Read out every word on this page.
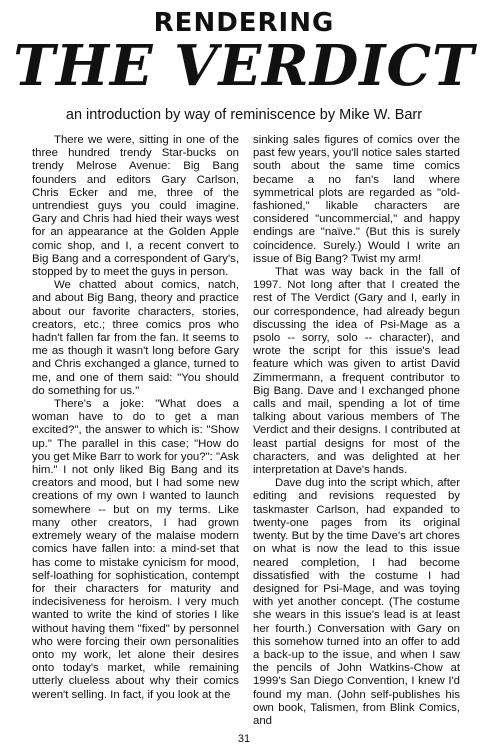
RENDERING
THE VERDICT
an introduction by way of reminiscence by Mike W. Barr

There we were, sitting in one of the three hundred trendy Star-bucks on trendy Melrose Avenue: Big Bang founders and editors Gary Carlson, Chris Ecker and me, three of the untrendiest guys you could imagine. Gary and Chris had hied their ways west for an appearance at the Golden Apple comic shop, and I, a recent convert to Big Bang and a correspondent of Gary's, stopped by to meet the guys in person.

We chatted about comics, natch, and about Big Bang, theory and practice about our favorite characters, stories, creators, etc.; three comics pros who hadn't fallen far from the fan. It seems to me as though it wasn't long before Gary and Chris exchanged a glance, turned to me, and one of them said: "You should do something for us."

There's a joke: "What does a woman have to do to get a man excited?", the answer to which is: "Show up." The parallel in this case; "How do you get Mike Barr to work for you?": "Ask him." I not only liked Big Bang and its creators and mood, but I had some new creations of my own I wanted to launch somewhere -- but on my terms. Like many other creators, I had grown extremely weary of the malaise modern comics have fallen into: a mind-set that has come to mistake cynicism for mood, self-loathing for sophistication, contempt for their characters for maturity and indecisiveness for heroism. I very much wanted to write the kind of stories I like without having them "fixed" by personnel who were forcing their own personalities onto my work, let alone their desires onto today's market, while remaining utterly clueless about why their comics weren't selling. In fact, if you look at the

sinking sales figures of comics over the past few years, you'll notice sales started south about the same time comics became a no fan's land where symmetrical plots are regarded as "old-fashioned," likable characters are considered "uncommercial," and happy endings are "naïve." (But this is surely coincidence. Surely.) Would I write an issue of Big Bang? Twist my arm!

That was way back in the fall of 1997. Not long after that I created the rest of The Verdict (Gary and I, early in our correspondence, had already begun discussing the idea of Psi-Mage as a psolo -- sorry, solo -- character), and wrote the script for this issue's lead feature which was given to artist David Zimmermann, a frequent contributor to Big Bang. Dave and I exchanged phone calls and mail, spending a lot of time talking about various members of The Verdict and their designs. I contributed at least partial designs for most of the characters, and was delighted at her interpretation at Dave's hands.

Dave dug into the script which, after editing and revisions requested by taskmaster Carlson, had expanded to twenty-one pages from its original twenty. But by the time Dave's art chores on what is now the lead to this issue neared completion, I had become dissatisfied with the costume I had designed for Psi-Mage, and was toying with yet another concept. (The costume she wears in this issue's lead is at least her fourth.) Conversation with Gary on this somehow turned into an offer to add a back-up to the issue, and when I saw the pencils of John Watkins-Chow at 1999's San Diego Convention, I knew I'd found my man. (John self-publishes his own book, Talismen, from Blink Comics, and

31
